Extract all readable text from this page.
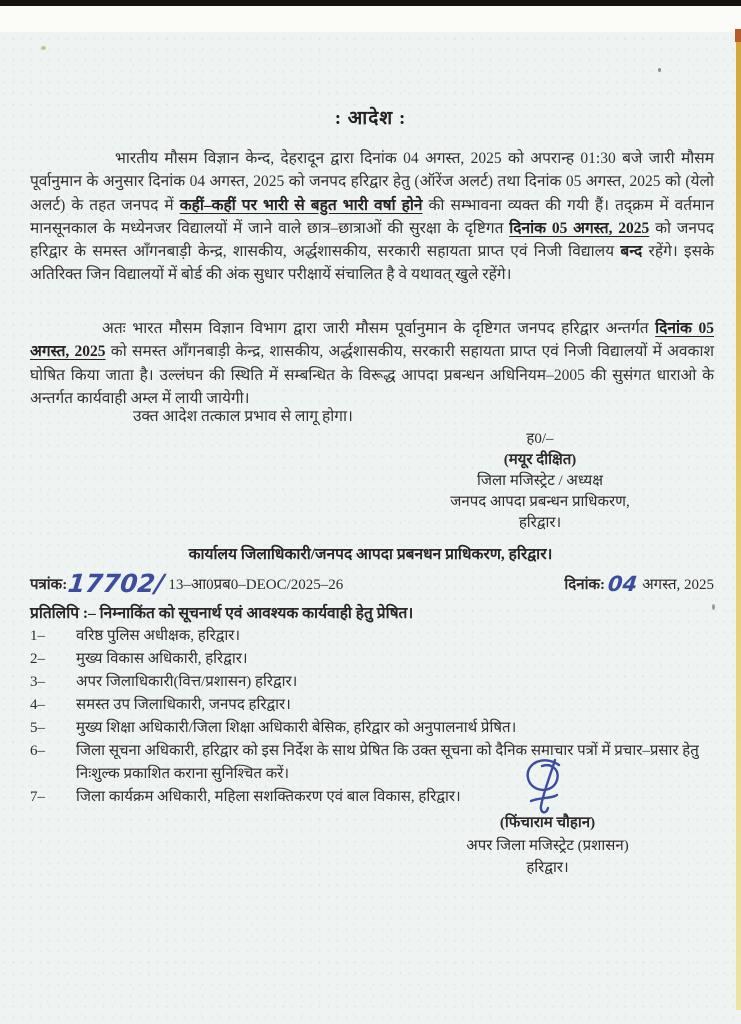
: आदेश :

भारतीय मौसम विज्ञान केन्द, देहरादून द्वारा दिनांक 04 अगस्त, 2025 को अपरान्ह 01:30 बजे जारी मौसम पूर्वानुमान के अनुसार दिनांक 04 अगस्त, 2025 को जनपद हरिद्वार हेतु (ऑरेंज अलर्ट) तथा दिनांक 05 अगस्त, 2025 को (येलो अलर्ट) के तहत जनपद में कहीं–कहीं पर भारी से बहुत भारी वर्षा होने की सम्भावना व्यक्त की गयी हैं। तद्क्रम में वर्तमान मानसूनकाल के मध्येनजर विद्यालयों में जाने वाले छात्र–छात्राओं की सुरक्षा के दृष्टिगत दिनांक 05 अगस्त, 2025 को जनपद हरिद्वार के समस्त आँगनबाड़ी केन्द्र, शासकीय, अर्द्धशासकीय, सरकारी सहायता प्राप्त एवं निजी विद्यालय बन्द रहेंगे। इसके अतिरिक्त जिन विद्यालयों में बोर्ड की अंक सुधार परीक्षायें संचालित है वे यथावत् खुले रहेंगे।

अतः भारत मौसम विज्ञान विभाग द्वारा जारी मौसम पूर्वानुमान के दृष्टिगत जनपद हरिद्वार अन्तर्गत दिनांक 05 अगस्त, 2025 को समस्त आँगनबाड़ी केन्द्र, शासकीय, अर्द्धशासकीय, सरकारी सहायता प्राप्त एवं निजी विद्यालयों में अवकाश घोषित किया जाता है। उल्लंघन की स्थिति में सम्बन्धित के विरूद्ध आपदा प्रबन्धन अधिनियम–2005 की सुसंगत धाराओ के अन्तर्गत कार्यवाही अम्ल में लायी जायेगी।

उक्त आदेश तत्काल प्रभाव से लागू होगा।

ह0/–
(मयूर दीक्षित)
जिला मजिस्ट्रेट / अध्यक्ष
जनपद आपदा प्रबन्धन प्राधिकरण,
हरिद्वार।

कार्यालय जिलाधिकारी/जनपद आपदा प्रबनधन प्राधिकरण, हरिद्वार।

पत्रांक: 17702/ 13–आ0प्रब0–DEOC/2025–26	दिनांक: 04 अगस्त, 2025

प्रतिलिपि :– निम्नाकिंत को सूचनार्थ एवं आवश्यक कार्यवाही हेतु प्रेषित।

1–	वरिष्ठ पुलिस अधीक्षक, हरिद्वार।
2–	मुख्य विकास अधिकारी, हरिद्वार।
3–	अपर जिलाधिकारी(वित्त/प्रशासन) हरिद्वार।
4–	समस्त उप जिलाधिकारी, जनपद हरिद्वार।
5–	मुख्य शिक्षा अधिकारी/जिला शिक्षा अधिकारी बेसिक, हरिद्वार को अनुपालनार्थ प्रेषित।
6–	जिला सूचना अधिकारी, हरिद्वार को इस निर्देश के साथ प्रेषित कि उक्त सूचना को दैनिक समाचार पत्रों में प्रचार–प्रसार हेतु निःशुल्क प्रकाशित कराना सुनिश्चित करें।
7–	जिला कार्यक्रम अधिकारी, महिला सशक्तिकरण एवं बाल विकास, हरिद्वार।
(फिंचाराम चौहान)
अपर जिला मजिस्ट्रेट (प्रशासन)
हरिद्वार।
